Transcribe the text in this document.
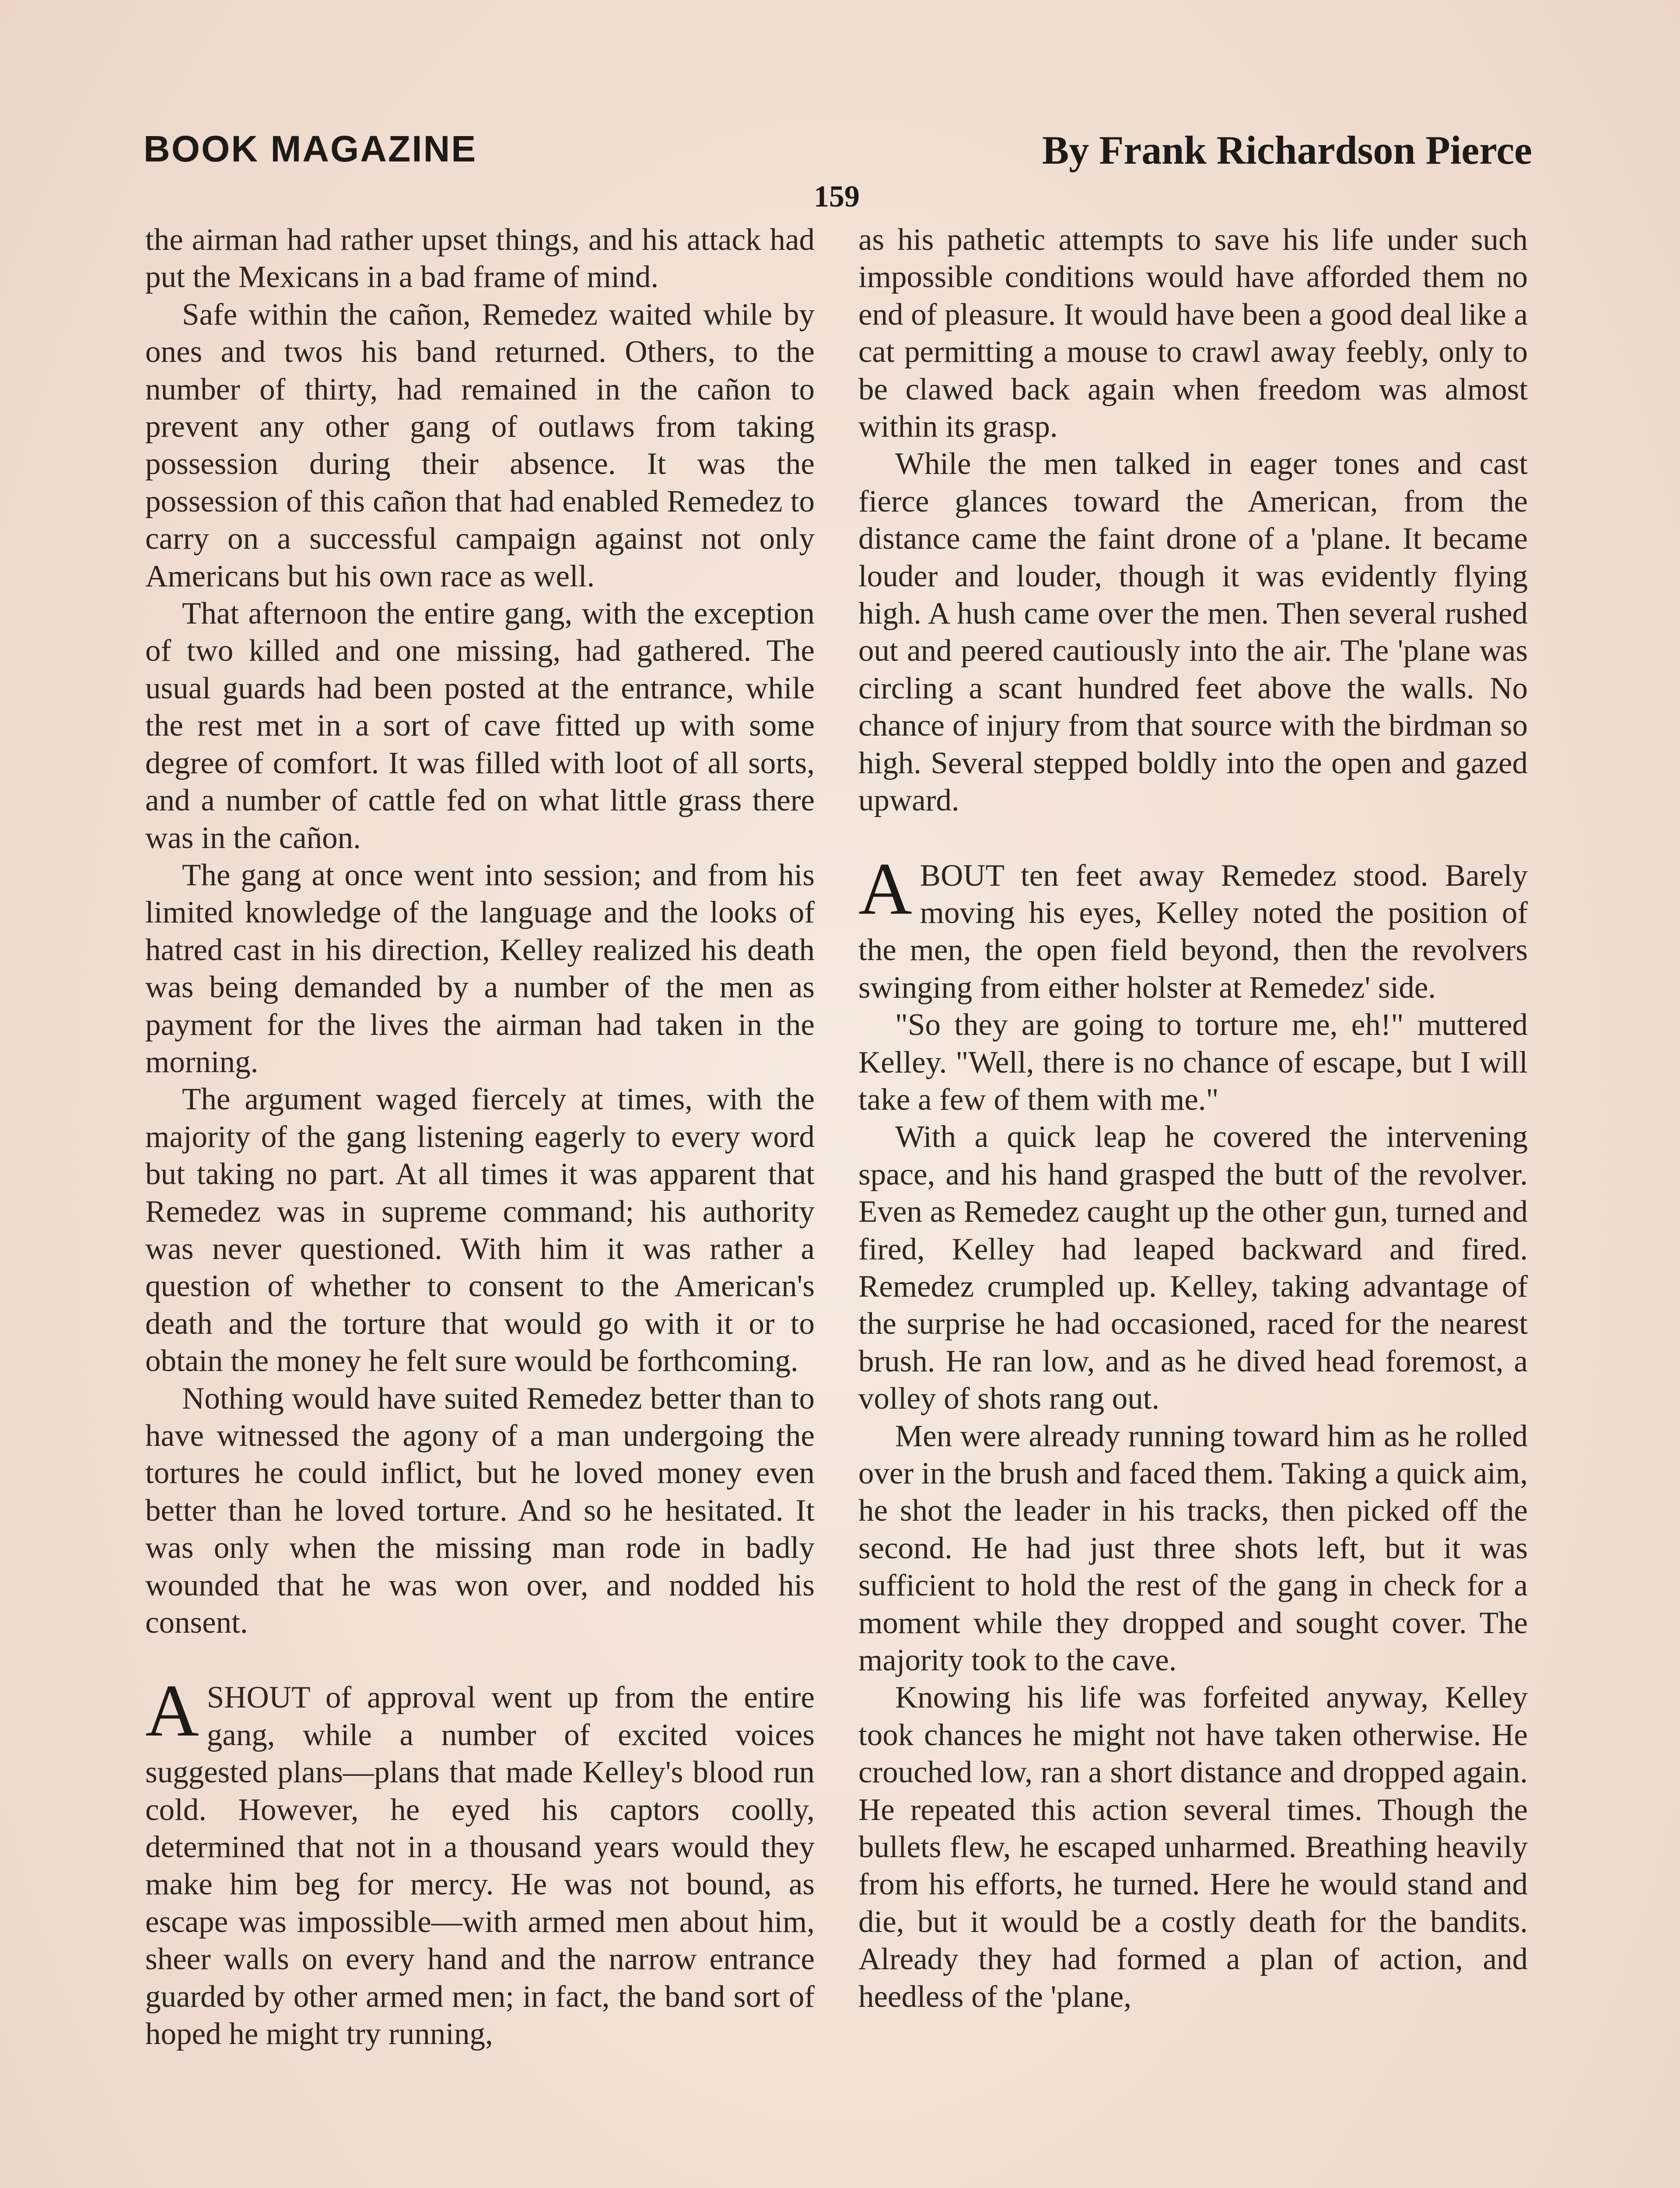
BOOK MAGAZINE	By Frank Richardson Pierce
159

the airman had rather upset things, and his attack had put the Mexicans in a bad frame of mind.

Safe within the cañon, Remedez waited while by ones and twos his band returned. Others, to the number of thirty, had remained in the cañon to prevent any other gang of outlaws from taking possession during their absence. It was the possession of this cañon that had enabled Remedez to carry on a successful campaign against not only Americans but his own race as well.

That afternoon the entire gang, with the exception of two killed and one missing, had gathered. The usual guards had been posted at the entrance, while the rest met in a sort of cave fitted up with some degree of comfort. It was filled with loot of all sorts, and a number of cattle fed on what little grass there was in the cañon.

The gang at once went into session; and from his limited knowledge of the language and the looks of hatred cast in his direction, Kelley realized his death was being demanded by a number of the men as payment for the lives the airman had taken in the morning.

The argument waged fiercely at times, with the majority of the gang listening eagerly to every word but taking no part. At all times it was apparent that Remedez was in supreme command; his authority was never questioned. With him it was rather a question of whether to consent to the American's death and the torture that would go with it or to obtain the money he felt sure would be forthcoming.

Nothing would have suited Remedez better than to have witnessed the agony of a man undergoing the tortures he could inflict, but he loved money even better than he loved torture. And so he hesitated. It was only when the missing man rode in badly wounded that he was won over, and nodded his consent.

ASHOUT of approval went up from the entire gang, while a number of excited voices suggested plans—plans that made Kelley's blood run cold. However, he eyed his captors coolly, determined that not in a thousand years would they make him beg for mercy. He was not bound, as escape was impossible—with armed men about him, sheer walls on every hand and the narrow entrance guarded by other armed men; in fact, the band sort of hoped he might try running,

as his pathetic attempts to save his life under such impossible conditions would have afforded them no end of pleasure. It would have been a good deal like a cat permitting a mouse to crawl away feebly, only to be clawed back again when freedom was almost within its grasp.

While the men talked in eager tones and cast fierce glances toward the American, from the distance came the faint drone of a 'plane. It became louder and louder, though it was evidently flying high. A hush came over the men. Then several rushed out and peered cautiously into the air. The 'plane was circling a scant hundred feet above the walls. No chance of injury from that source with the birdman so high. Several stepped boldly into the open and gazed upward.

ABOUT ten feet away Remedez stood. Barely moving his eyes, Kelley noted the position of the men, the open field beyond, then the revolvers swinging from either holster at Remedez' side.

"So they are going to torture me, eh!" muttered Kelley. "Well, there is no chance of escape, but I will take a few of them with me."

With a quick leap he covered the intervening space, and his hand grasped the butt of the revolver. Even as Remedez caught up the other gun, turned and fired, Kelley had leaped backward and fired. Remedez crumpled up. Kelley, taking advantage of the surprise he had occasioned, raced for the nearest brush. He ran low, and as he dived head foremost, a volley of shots rang out.

Men were already running toward him as he rolled over in the brush and faced them. Taking a quick aim, he shot the leader in his tracks, then picked off the second. He had just three shots left, but it was sufficient to hold the rest of the gang in check for a moment while they dropped and sought cover. The majority took to the cave.

Knowing his life was forfeited anyway, Kelley took chances he might not have taken otherwise. He crouched low, ran a short distance and dropped again. He repeated this action several times. Though the bullets flew, he escaped unharmed. Breathing heavily from his efforts, he turned. Here he would stand and die, but it would be a costly death for the bandits. Already they had formed a plan of action, and heedless of the 'plane,
